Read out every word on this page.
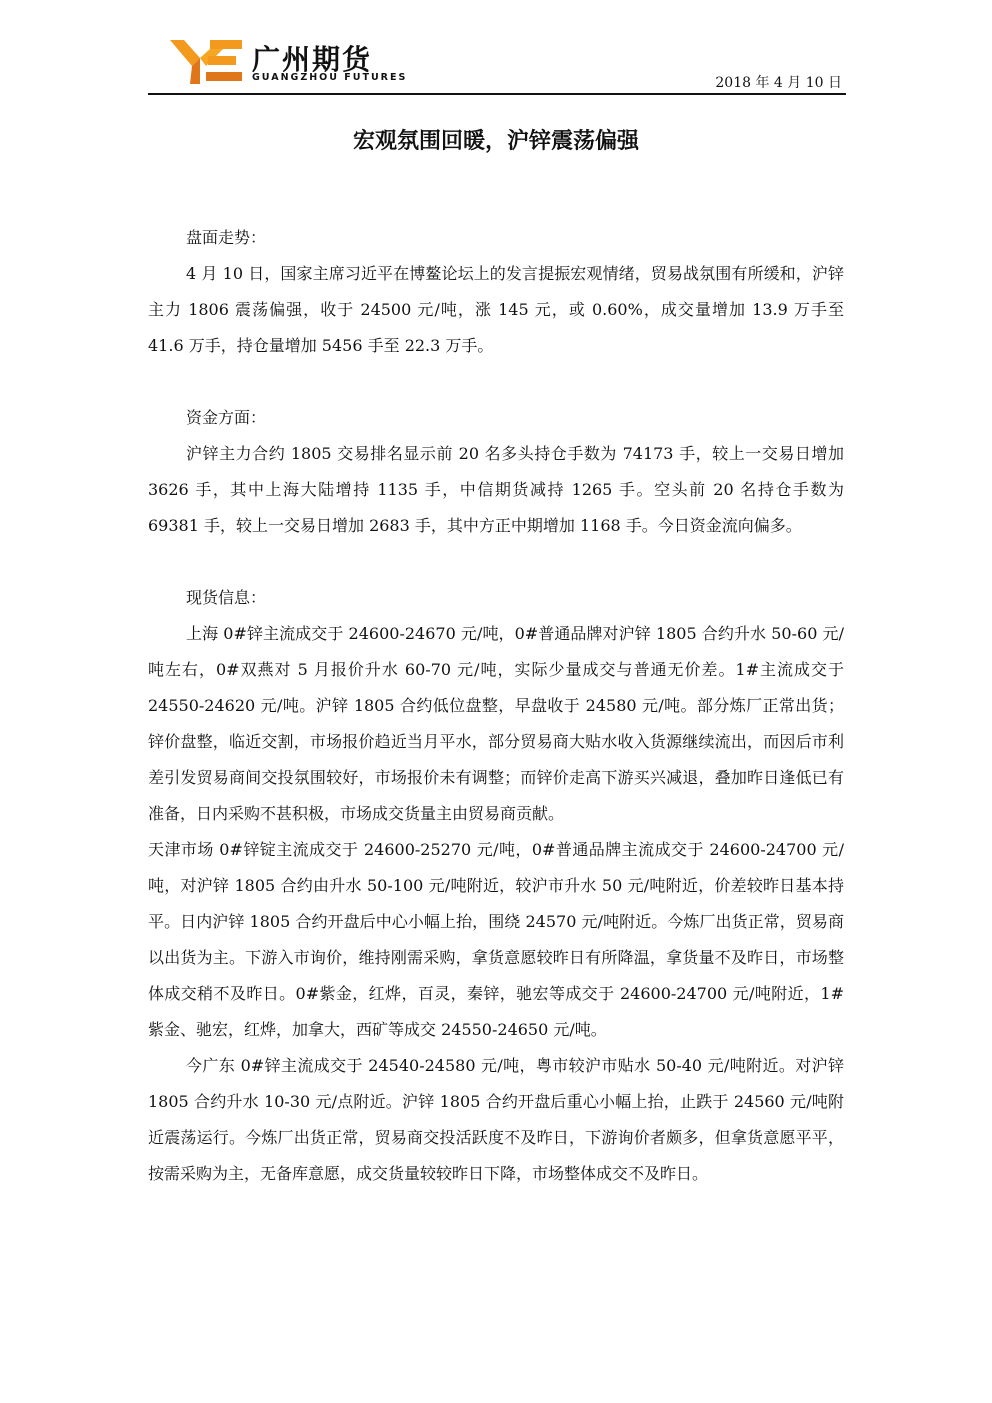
广州期货
GUANGZHOU FUTURES	2018 年 4 月 10 日
宏观氛围回暖，沪锌震荡偏强

盘面走势：

4 月 10 日，国家主席习近平在博鳌论坛上的发言提振宏观情绪，贸易战氛围有所缓和，沪锌主力 1806 震荡偏强，收于 24500 元/吨，涨 145 元，或 0.60%，成交量增加 13.9 万手至 41.6 万手，持仓量增加 5456 手至 22.3 万手。

资金方面：

沪锌主力合约 1805 交易排名显示前 20 名多头持仓手数为 74173 手，较上一交易日增加 3626 手，其中上海大陆增持 1135 手，中信期货减持 1265 手。空头前 20 名持仓手数为 69381 手，较上一交易日增加 2683 手，其中方正中期增加 1168 手。今日资金流向偏多。

现货信息：

上海 0#锌主流成交于 24600-24670 元/吨，0#普通品牌对沪锌 1805 合约升水 50-60 元/吨左右，0#双燕对 5 月报价升水 60-70 元/吨，实际少量成交与普通无价差。1#主流成交于 24550-24620 元/吨。沪锌 1805 合约低位盘整，早盘收于 24580 元/吨。部分炼厂正常出货；锌价盘整，临近交割，市场报价趋近当月平水，部分贸易商大贴水收入货源继续流出，而因后市利差引发贸易商间交投氛围较好，市场报价未有调整；而锌价走高下游买兴减退，叠加昨日逢低已有准备，日内采购不甚积极，市场成交货量主由贸易商贡献。

天津市场 0#锌锭主流成交于 24600-25270 元/吨，0#普通品牌主流成交于 24600-24700 元/吨，对沪锌 1805 合约由升水 50-100 元/吨附近，较沪市升水 50 元/吨附近，价差较昨日基本持平。日内沪锌 1805 合约开盘后中心小幅上抬，围绕 24570 元/吨附近。今炼厂出货正常，贸易商以出货为主。下游入市询价，维持刚需采购，拿货意愿较昨日有所降温，拿货量不及昨日，市场整体成交稍不及昨日。0#紫金，红烨，百灵，秦锌，驰宏等成交于 24600-24700 元/吨附近，1#紫金、驰宏，红烨，加拿大，西矿等成交 24550-24650 元/吨。

今广东 0#锌主流成交于 24540-24580 元/吨，粤市较沪市贴水 50-40 元/吨附近。对沪锌 1805 合约升水 10-30 元/点附近。沪锌 1805 合约开盘后重心小幅上抬，止跌于 24560 元/吨附近震荡运行。今炼厂出货正常，贸易商交投活跃度不及昨日，下游询价者颇多，但拿货意愿平平，按需采购为主，无备库意愿，成交货量较较昨日下降，市场整体成交不及昨日。
